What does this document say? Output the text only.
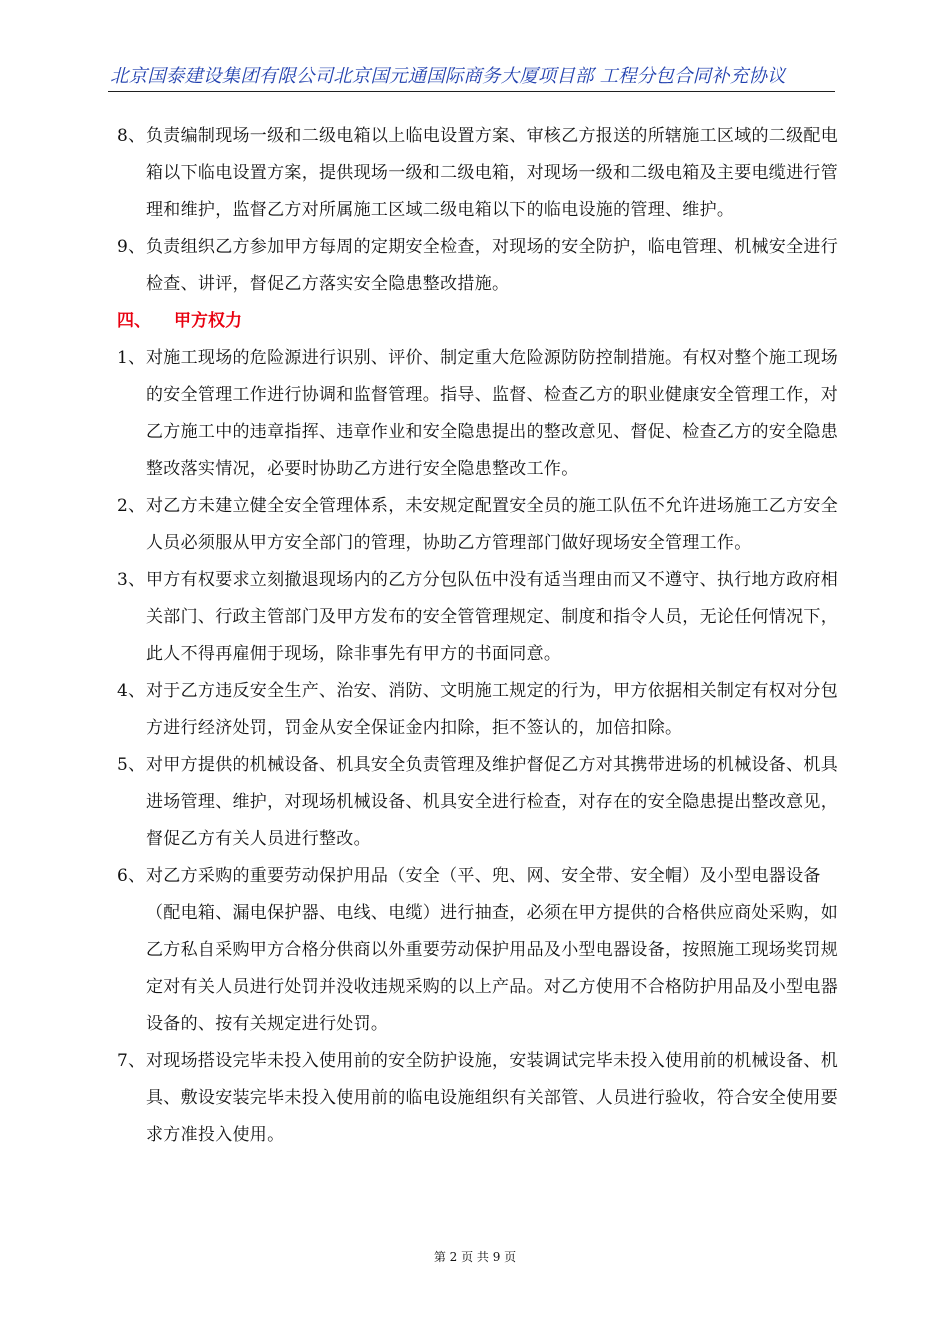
北京国泰建设集团有限公司北京国元通国际商务大厦项目部 工程分包合同补充协议
8、 负责编制现场一级和二级电箱以上临电设置方案、审核乙方报送的所辖施工区域的二级配电箱以下临电设置方案，提供现场一级和二级电箱，对现场一级和二级电箱及主要电缆进行管理和维护，监督乙方对所属施工区域二级电箱以下的临电设施的管理、维护。
9、 负责组织乙方参加甲方每周的定期安全检查，对现场的安全防护，临电管理、机械安全进行检查、讲评，督促乙方落实安全隐患整改措施。
四、 甲方权力
1、 对施工现场的危险源进行识别、评价、制定重大危险源防防控制措施。有权对整个施工现场的安全管理工作进行协调和监督管理。指导、监督、检查乙方的职业健康安全管理工作，对乙方施工中的违章指挥、违章作业和安全隐患提出的整改意见、督促、检查乙方的安全隐患整改落实情况，必要时协助乙方进行安全隐患整改工作。
2、 对乙方未建立健全安全管理体系，未安规定配置安全员的施工队伍不允许进场施工乙方安全人员必须服从甲方安全部门的管理，协助乙方管理部门做好现场安全管理工作。
3、 甲方有权要求立刻撤退现场内的乙方分包队伍中没有适当理由而又不遵守、执行地方政府相关部门、行政主管部门及甲方发布的安全管管理规定、制度和指令人员，无论任何情况下，此人不得再雇佣于现场，除非事先有甲方的书面同意。
4、 对于乙方违反安全生产、治安、消防、文明施工规定的行为，甲方依据相关制定有权对分包方进行经济处罚，罚金从安全保证金内扣除，拒不签认的，加倍扣除。
5、 对甲方提供的机械设备、机具安全负责管理及维护督促乙方对其携带进场的机械设备、机具进场管理、维护，对现场机械设备、机具安全进行检查，对存在的安全隐患提出整改意见，督促乙方有关人员进行整改。
6、 对乙方采购的重要劳动保护用品（安全（平、兜、网、安全带、安全帽）及小型电器设备（配电箱、漏电保护器、电线、电缆）进行抽查，必须在甲方提供的合格供应商处采购，如乙方私自采购甲方合格分供商以外重要劳动保护用品及小型电器设备，按照施工现场奖罚规定对有关人员进行处罚并没收违规采购的以上产品。对乙方使用不合格防护用品及小型电器设备的、按有关规定进行处罚。
7、 对现场搭设完毕未投入使用前的安全防护设施，安装调试完毕未投入使用前的机械设备、机具、敷设安装完毕未投入使用前的临电设施组织有关部管、人员进行验收，符合安全使用要求方准投入使用。
第 2 页 共 9 页
